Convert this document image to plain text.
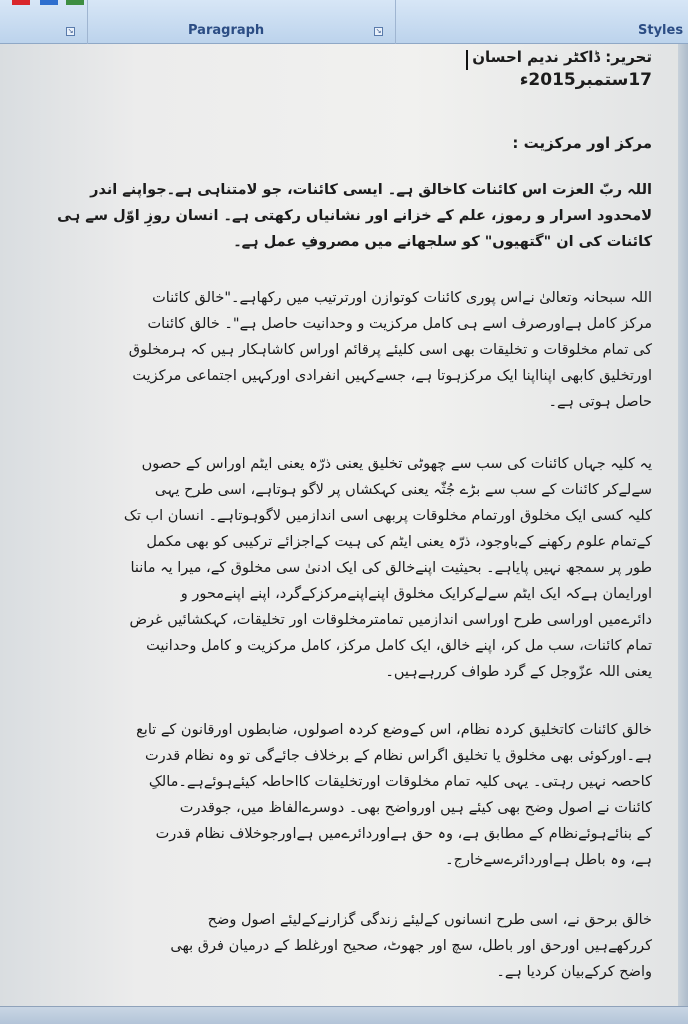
↘	Paragraph	↘	Styles
تحریر: ڈاکٹر ندیم احسان
17ستمبر2015ء
مرکز اور مرکزیت :
اللہ ربّ العزت اس کائنات کاخالق ہے۔ ایسی کائنات، جو لامتناہی ہے۔جواپنے اندر
لامحدود اسرار و رموز، علم کے خزانے اور نشانیاں رکھتی ہے۔ انسان روزِ اوّل سے ہی
کائنات کی ان "گتھیوں" کو سلجھانے میں مصروفِ عمل ہے۔
اللہ سبحانہ وتعالیٰ نےاس پوری کائنات کوتوازن اورترتیب میں رکھاہے۔"خالق کائنات
مرکز کامل ہےاورصرف اسے ہی کامل مرکزیت و وحدانیت حاصل ہے"۔ خالق کائنات
کی تمام مخلوقات و تخلیقات بھی اسی کلیئے پرقائم اوراس کاشاہکار ہیں کہ ہرمخلوق
اورتخلیق کابھی اپنااپنا ایک مرکزہوتا ہے، جسےکہیں انفرادی اورکہیں اجتماعی مرکزیت
حاصل ہوتی ہے۔
یہ کلیہ جہاں کائنات کی سب سے چھوٹی تخلیق یعنی ذرّہ یعنی ایٹم اوراس کے حصوں
سےلےکر کائنات کے سب سے بڑے جُثّہ یعنی کہکشاں پر لاگو ہوتاہے، اسی طرح یہی
کلیہ کسی ایک مخلوق اورتمام مخلوقات پربھی اسی اندازمیں لاگوہوتاہے۔ انسان اب تک
کےتمام علوم رکھنے کےباوجود، ذرّہ یعنی ایٹم کی ہیت کےاجزائے ترکیبی کو بھی مکمل
طور پر سمجھ نہیں پایاہے۔ بحیثیت اپنےخالق کی ایک ادنیٰ سی مخلوق کے، میرا یہ ماننا
اورایمان ہےکہ ایک ایٹم سےلےکرایک مخلوق اپنےاپنےمرکزکےگرد، اپنے اپنےمحور و
دائرےمیں اوراسی طرح اوراسی اندازمیں تمامترمخلوقات اور تخلیقات، کہکشائیں غرض
تمام کائنات، سب مل کر، اپنے خالق، ایک کامل مرکز، کامل مرکزیت و کامل وحدانیت
یعنی اللہ عزّوجل کے گرد طواف کررہےہیں۔
خالق کائنات کاتخلیق کردہ نظام، اس کےوضع کردہ اصولوں، ضابطوں اورقانون کے تابع
ہے۔اورکوئی بھی مخلوق یا تخلیق اگراس نظام کے برخلاف جائےگی تو وہ نظام قدرت
کاحصہ نہیں رہتی۔ یہی کلیہ تمام مخلوقات اورتخلیقات کااحاطہ کیئےہوئےہے۔مالکِ
کائنات نے اصول وضح بھی کیئے ہیں اورواضح بھی۔ دوسرےالفاظ میں، جوقدرت
کے بنائےہوئےنظام کے مطابق ہے، وہ حق ہےاوردائرےمیں ہےاورجوخلاف نظام قدرت
ہے، وہ باطل ہےاوردائرےسےخارج۔
خالق برحق نے، اسی طرح انسانوں کےلیئے زندگی گزارنےکےلیئے اصول وضح
کررکھےہیں اورحق اور باطل، سچ اور جھوٹ، صحیح اورغلط کے درمیان فرق بھی
واضح کرکےبیان کردیا ہے۔
